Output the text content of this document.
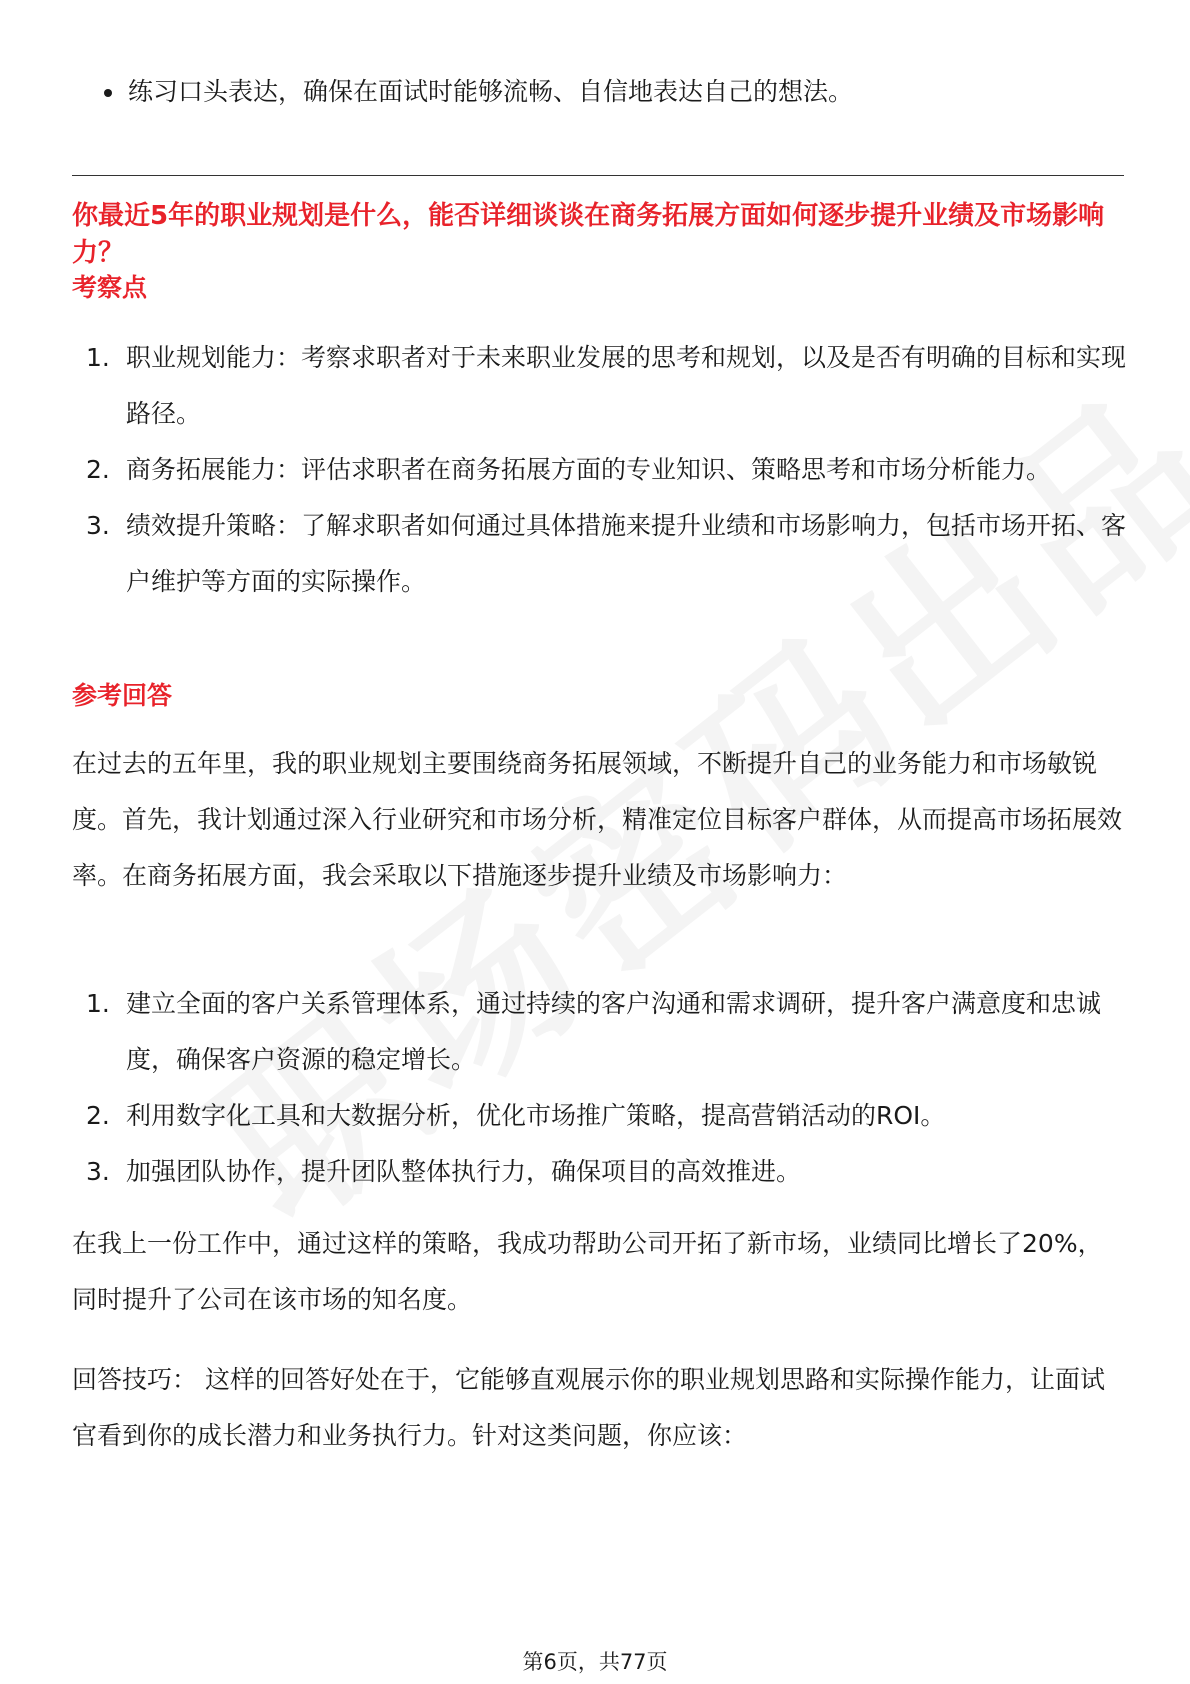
• 练习口头表达，确保在面试时能够流畅、自信地表达自己的想法。
你最近5年的职业规划是什么，能否详细谈谈在商务拓展方面如何逐步提升业绩及市场影响力？
考察点
1. 职业规划能力：考察求职者对于未来职业发展的思考和规划，以及是否有明确的目标和实现路径。
2. 商务拓展能力：评估求职者在商务拓展方面的专业知识、策略思考和市场分析能力。
3. 绩效提升策略：了解求职者如何通过具体措施来提升业绩和市场影响力，包括市场开拓、客户维护等方面的实际操作。
参考回答

在过去的五年里，我的职业规划主要围绕商务拓展领域，不断提升自己的业务能力和市场敏锐度。首先，我计划通过深入行业研究和市场分析，精准定位目标客户群体，从而提高市场拓展效率。在商务拓展方面，我会采取以下措施逐步提升业绩及市场影响力：

1. 建立全面的客户关系管理体系，通过持续的客户沟通和需求调研，提升客户满意度和忠诚度，确保客户资源的稳定增长。
2. 利用数字化工具和大数据分析，优化市场推广策略，提高营销活动的ROI。
3. 加强团队协作，提升团队整体执行力，确保项目的高效推进。

在我上一份工作中，通过这样的策略，我成功帮助公司开拓了新市场，业绩同比增长了20%，同时提升了公司在该市场的知名度。

回答技巧： 这样的回答好处在于，它能够直观展示你的职业规划思路和实际操作能力，让面试官看到你的成长潜力和业务执行力。针对这类问题，你应该：

第6页，共77页
